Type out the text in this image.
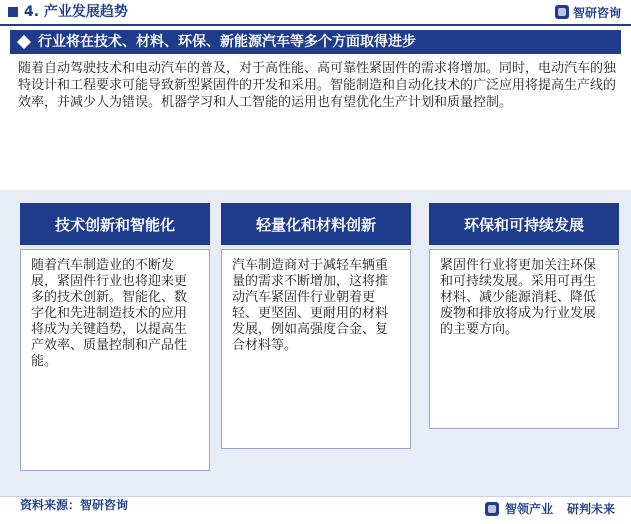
4. 产业发展趋势	智研咨询
行业将在技术、材料、环保、新能源汽车等多个方面取得进步
随着自动驾驶技术和电动汽车的普及，对于高性能、高可靠性紧固件的需求将增加。同时，电动汽车的独特设计和工程要求可能导致新型紧固件的开发和采用。智能制造和自动化技术的广泛应用将提高生产线的效率，并减少人为错误。机器学习和人工智能的运用也有望优化生产计划和质量控制。
技术创新和智能化
随着汽车制造业的不断发展，紧固件行业也将迎来更多的技术创新。智能化、数字化和先进制造技术的应用将成为关键趋势，以提高生产效率、质量控制和产品性能。
轻量化和材料创新
汽车制造商对于减轻车辆重量的需求不断增加，这将推动汽车紧固件行业朝着更轻、更坚固、更耐用的材料发展，例如高强度合金、复合材料等。
环保和可持续发展
紧固件行业将更加关注环保和可持续发展。采用可再生材料、减少能源消耗、降低废物和排放将成为行业发展的主要方向。
资料来源：智研咨询	智领产业 研判未来
